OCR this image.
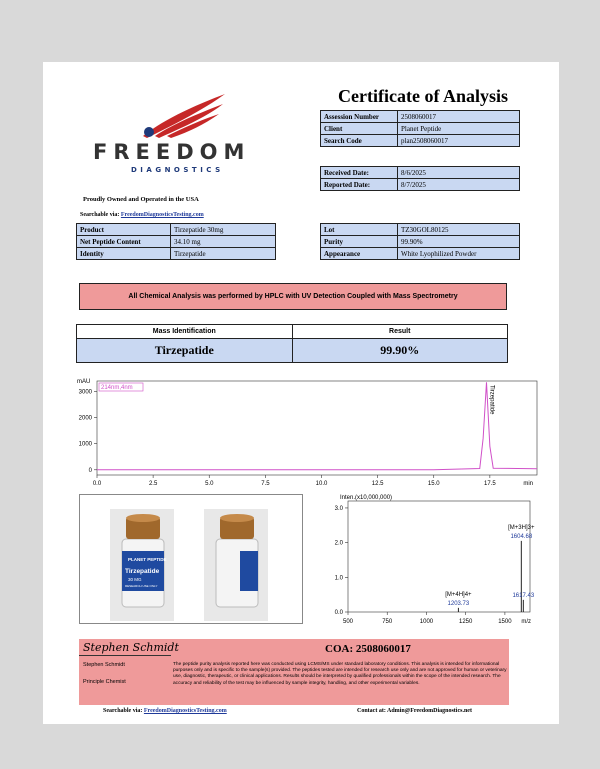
FREEDOM
DIAGNOSTICS
Proudly Owned and Operated in the USA
Searchable via: FreedomDiagnosticsTesting.com
Certificate of Analysis
Assession Number	2508060017
Client	Planet Peptide
Search Code	plan2508060017
Received Date:	8/6/2025
Reported Date:	8/7/2025
Product	Tirzepatide 30mg
Net Peptide Content	34.10 mg
Identity	Tirzepatide
Lot	TZ30GOL80125
Purity	99.90%
Appearance	White Lyophilized Powder
All Chemical Analysis was performed by HPLC with UV Detection Coupled with Mass Spectrometry
Mass Identification	Result
Tirzepatide	99.90%
mAU
0
1000
2000
3000
0.0	2.5	5.0	7.5	10.0	12.5	15.0	17.5	min
214nm,4nm	Tirzepatide
PLANET PEPTIDE
Tirzepatide
30 MG
RESEARCH USE ONLY
Inten.(x10,000,000)
0.0
1.0
2.0
3.0
500	750	1000	1250	1500 m/z
1203.73
[M+4H]4+
1604.68
[M+3H]3+
1617.43
Stephen Schmidt	COA: 2508060017
Stephen Schmidt
Principle Chemist
The peptide purity analysis reported here was conducted using LCMS/MS under standard laboratory conditions. This analysis is intended for informational purposes only and is specific to the sample(s) provided. The peptides tested are intended for research use only and are not approved for human or veterinary use, diagnostic, therapeutic, or clinical applications. Results should be interpreted by qualified professionals within the scope of the intended research. The accuracy and reliability of the test may be influenced by sample integrity, handling, and other experimental variables.
Searchable via: FreedomDiagnosticsTesting.com	Contact at: Admin@FreedomDiagnostics.net
